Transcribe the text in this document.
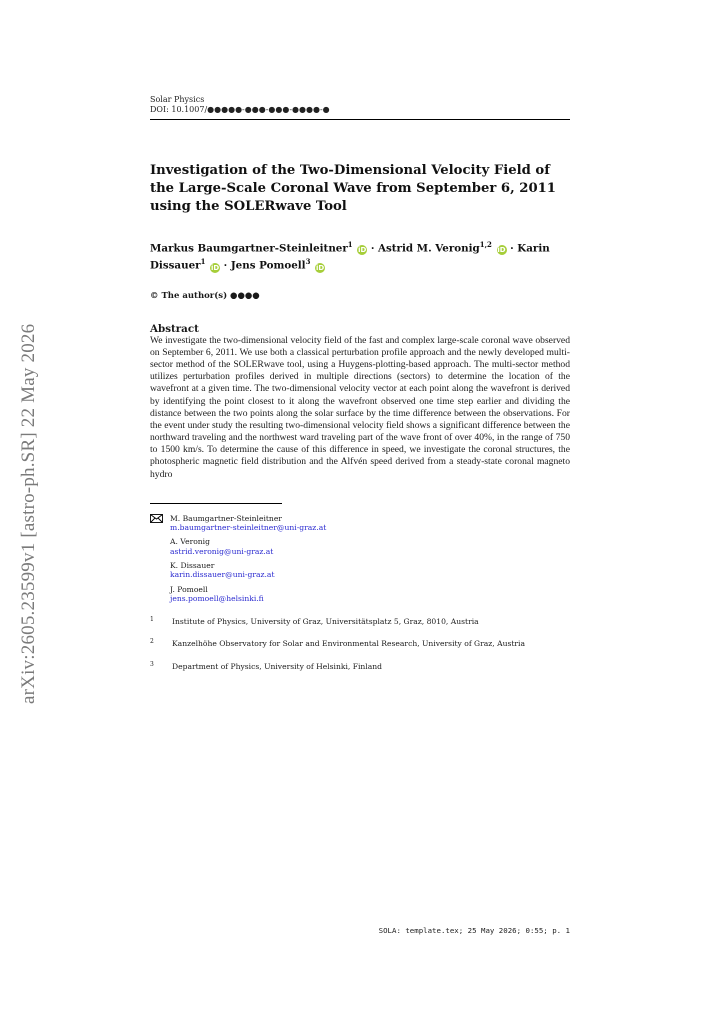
arXiv:2605.23599v1 [astro-ph.SR] 22 May 2026
Solar Physics
DOI: 10.1007/●●●●●-●●●-●●●-●●●●-●
Investigation of the Two-Dimensional Velocity Field of the Large-Scale Coronal Wave from September 6, 2011 using the SOLERwave Tool
Markus Baumgartner-Steinleitner$^1$ iD · Astrid M. Veronig$^{1,2}$ iD · Karin Dissauer$^1$ iD · Jens Pomoell$^3$ iD
© The author(s) ●●●●
Abstract

We investigate the two-dimensional velocity field of the fast and complex large-scale coronal wave observed on September 6, 2011. We use both a classical perturbation profile approach and the newly developed multi-sector method of the SOLERwave tool, using a Huygens-plotting-based approach. The multi-sector method utilizes perturbation profiles derived in multiple directions (sectors) to determine the location of the wavefront at a given time. The two-dimensional velocity vector at each point along the wavefront is derived by identifying the point closest to it along the wavefront observed one time step earlier and dividing the distance between the two points along the solar surface by the time difference between the observations. For the event under study the resulting two-dimensional velocity field shows a significant difference between the northward traveling and the northwest ward traveling part of the wave front of over 40%, in the range of 750 to 1500 km/s. To determine the cause of this difference in speed, we investigate the coronal structures, the photospheric magnetic field distribution and the Alfvén speed derived from a steady-state coronal magneto hydro

M. Baumgartner-Steinleitner
m.baumgartner-steinleitner@uni-graz.at
A. Veronig
astrid.veronig@uni-graz.at
K. Dissauer
karin.dissauer@uni-graz.at
J. Pomoell
jens.pomoell@helsinki.fi
1 Institute of Physics, University of Graz, Universitätsplatz 5, Graz, 8010, Austria
2 Kanzelhöhe Observatory for Solar and Environmental Research, University of Graz, Austria
3 Department of Physics, University of Helsinki, Finland
SOLA: template.tex; 25 May 2026; 0:55; p. 1
